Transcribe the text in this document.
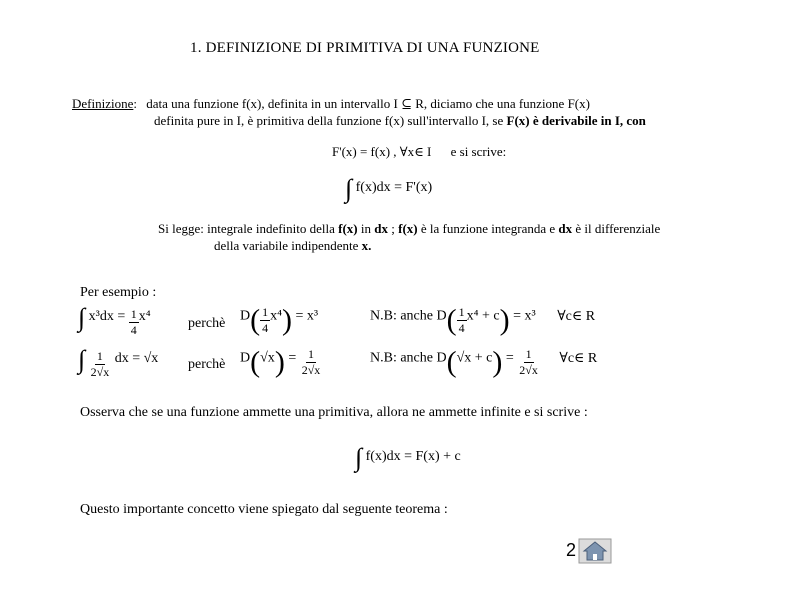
1. DEFINIZIONE DI PRIMITIVA DI UNA FUNZIONE
Definizione: data una funzione f(x), definita in un intervallo I ⊆ R, diciamo che una funzione F(x)
definita pure in I, è primitiva della funzione f(x) sull'intervallo I, se F(x) è derivabile in I, con
F'(x) = f(x) , ∀x∈ I e si scrive:
∫ f(x)dx = F'(x)
Si legge: integrale indefinito della f(x) in dx ; f(x) è la funzione integranda e dx è il differenziale
della variabile indipendente x.
Per esempio :
∫ $x^3dx = \frac{1}{4} x^4$	perchè $D( \frac{1}{4} x^4) = x^3$	N.B: anche $D( \frac{1}{4} x^4 + c) = x^3$ ∀c∈ R
∫ $\frac{1}{2√x}$ dx = √x perchè $D(√x) = \frac{1}{2√x}$	N.B: anche $D(√x + c) = \frac{1}{2√x}$ ∀c∈ R
Osserva che se una funzione ammette una primitiva, allora ne ammette infinite e si scrive :
∫ f(x)dx = F(x) + c
Questo importante concetto viene spiegato dal seguente teorema :
2
